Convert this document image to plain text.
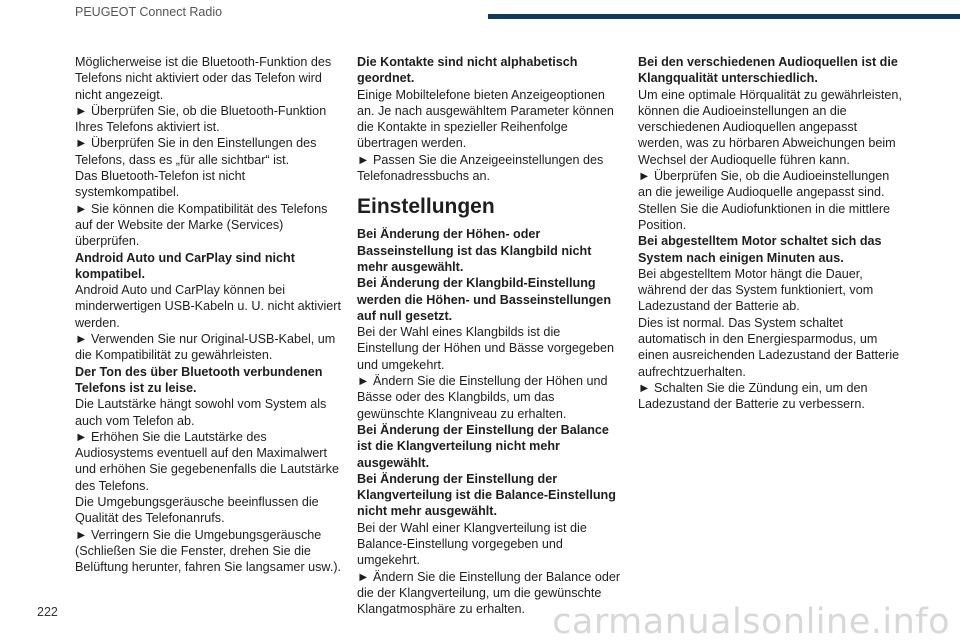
PEUGEOT Connect Radio

Möglicherweise ist die Bluetooth-Funktion des Telefons nicht aktiviert oder das Telefon wird nicht angezeigt.

► Überprüfen Sie, ob die Bluetooth-Funktion Ihres Telefons aktiviert ist.

► Überprüfen Sie in den Einstellungen des Telefons, dass es „für alle sichtbar“ ist.

Das Bluetooth-Telefon ist nicht systemkompatibel.

► Sie können die Kompatibilität des Telefons auf der Website der Marke (Services) überprüfen.

Android Auto und CarPlay sind nicht kompatibel.

Android Auto und CarPlay können bei minderwertigen USB-Kabeln u. U. nicht aktiviert werden.

► Verwenden Sie nur Original-USB-Kabel, um die Kompatibilität zu gewährleisten.

Der Ton des über Bluetooth verbundenen Telefons ist zu leise.

Die Lautstärke hängt sowohl vom System als auch vom Telefon ab.

► Erhöhen Sie die Lautstärke des Audiosystems eventuell auf den Maximalwert und erhöhen Sie gegebenenfalls die Lautstärke des Telefons.

Die Umgebungsgeräusche beeinflussen die Qualität des Telefonanrufs.

► Verringern Sie die Umgebungsgeräusche (Schließen Sie die Fenster, drehen Sie die Belüftung herunter, fahren Sie langsamer usw.).

Die Kontakte sind nicht alphabetisch geordnet.

Einige Mobiltelefone bieten Anzeigeoptionen an. Je nach ausgewähltem Parameter können die Kontakte in spezieller Reihenfolge übertragen werden.

► Passen Sie die Anzeigeeinstellungen des Telefonadressbuchs an.

Einstellungen

Bei Änderung der Höhen- oder Basseinstellung ist das Klangbild nicht mehr ausgewählt.

Bei Änderung der Klangbild-Einstellung werden die Höhen- und Basseinstellungen auf null gesetzt.

Bei der Wahl eines Klangbilds ist die Einstellung der Höhen und Bässe vorgegeben und umgekehrt.

► Ändern Sie die Einstellung der Höhen und Bässe oder des Klangbilds, um das gewünschte Klangniveau zu erhalten.

Bei Änderung der Einstellung der Balance ist die Klangverteilung nicht mehr ausgewählt.

Bei Änderung der Einstellung der Klangverteilung ist die Balance-Einstellung nicht mehr ausgewählt.

Bei der Wahl einer Klangverteilung ist die Balance-Einstellung vorgegeben und umgekehrt.

► Ändern Sie die Einstellung der Balance oder die der Klangverteilung, um die gewünschte Klangatmosphäre zu erhalten.

Bei den verschiedenen Audioquellen ist die Klangqualität unterschiedlich.

Um eine optimale Hörqualität zu gewährleisten, können die Audioeinstellungen an die verschiedenen Audioquellen angepasst werden, was zu hörbaren Abweichungen beim Wechsel der Audioquelle führen kann.

► Überprüfen Sie, ob die Audioeinstellungen an die jeweilige Audioquelle angepasst sind. Stellen Sie die Audiofunktionen in die mittlere Position.

Bei abgestelltem Motor schaltet sich das System nach einigen Minuten aus.

Bei abgestelltem Motor hängt die Dauer, während der das System funktioniert, vom Ladezustand der Batterie ab.

Dies ist normal. Das System schaltet automatisch in den Energiesparmodus, um einen ausreichenden Ladezustand der Batterie aufrechtzuerhalten.

► Schalten Sie die Zündung ein, um den Ladezustand der Batterie zu verbessern.

222	carmanualsonline.info
